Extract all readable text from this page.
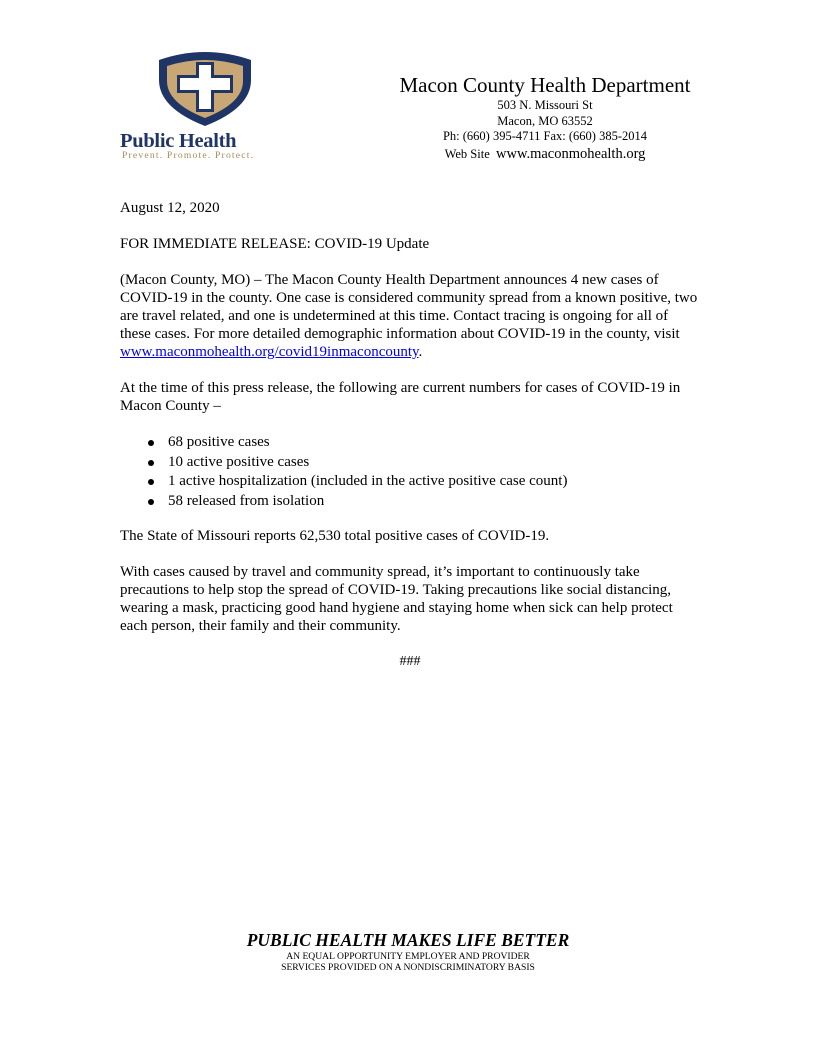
Public Health
Prevent. Promote. Protect.
Macon County Health Department
503 N. Missouri St
Macon, MO 63552
Ph: (660) 395-4711 Fax: (660) 385-2014
Web Site www.maconmohealth.org

August 12, 2020

FOR IMMEDIATE RELEASE: COVID-19 Update

(Macon County, MO) – The Macon County Health Department announces 4 new cases of COVID-19 in the county. One case is considered community spread from a known positive, two are travel related, and one is undetermined at this time. Contact tracing is ongoing for all of these cases. For more detailed demographic information about COVID-19 in the county, visit www.maconmohealth.org/covid19inmaconcounty.

At the time of this press release, the following are current numbers for cases of COVID-19 in Macon County –

68 positive cases
10 active positive cases
1 active hospitalization (included in the active positive case count)
58 released from isolation

The State of Missouri reports 62,530 total positive cases of COVID-19.

With cases caused by travel and community spread, it’s important to continuously take precautions to help stop the spread of COVID-19. Taking precautions like social distancing, wearing a mask, practicing good hand hygiene and staying home when sick can help protect each person, their family and their community.

###

PUBLIC HEALTH MAKES LIFE BETTER
AN EQUAL OPPORTUNITY EMPLOYER AND PROVIDER
SERVICES PROVIDED ON A NONDISCRIMINATORY BASIS
